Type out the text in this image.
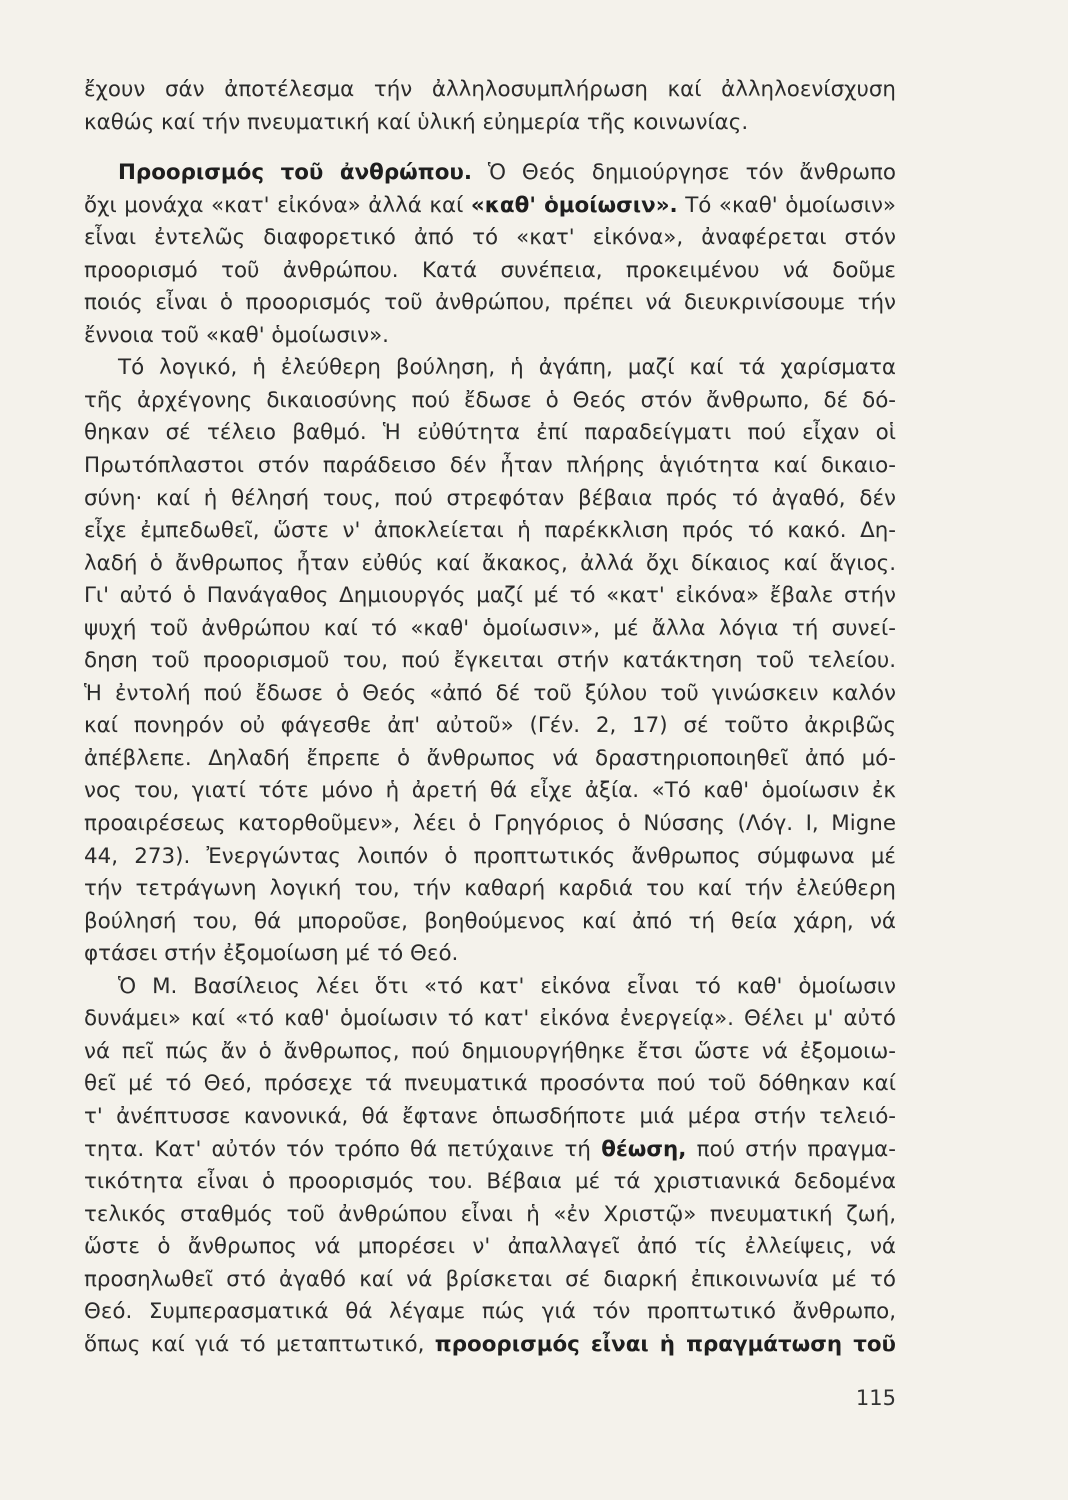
ἔχουν σάν ἀποτέλεσμα τήν ἀλληλοσυμπλήρωση καί ἀλληλοενίσχυση
καθώς καί τήν πνευματική καί ὑλική εὐημερία τῆς κοινωνίας.
Προορισμός τοῦ ἀνθρώπου. Ὁ Θεός δημιούργησε τόν ἄνθρωπο
ὄχι μονάχα «κατ' εἰκόνα» ἀλλά καί «καθ' ὁμοίωσιν». Τό «καθ' ὁμοίωσιν»
εἶναι ἐντελῶς διαφορετικό ἀπό τό «κατ' εἰκόνα», ἀναφέρεται στόν
προορισμό τοῦ ἀνθρώπου. Κατά συνέπεια, προκειμένου νά δοῦμε
ποιός εἶναι ὁ προορισμός τοῦ ἀνθρώπου, πρέπει νά διευκρινίσουμε τήν
ἔννοια τοῦ «καθ' ὁμοίωσιν».
Τό λογικό, ἡ ἐλεύθερη βούληση, ἡ ἀγάπη, μαζί καί τά χαρίσματα
τῆς ἀρχέγονης δικαιοσύνης πού ἔδωσε ὁ Θεός στόν ἄνθρωπο, δέ δό-
θηκαν σέ τέλειο βαθμό. Ἡ εὐθύτητα ἐπί παραδείγματι πού εἶχαν οἱ
Πρωτόπλαστοι στόν παράδεισο δέν ἦταν πλήρης ἁγιότητα καί δικαιο-
σύνη· καί ἡ θέλησή τους, πού στρεφόταν βέβαια πρός τό ἀγαθό, δέν
εἶχε ἐμπεδωθεῖ, ὥστε ν' ἀποκλείεται ἡ παρέκκλιση πρός τό κακό. Δη-
λαδή ὁ ἄνθρωπος ἦταν εὐθύς καί ἄκακος, ἀλλά ὄχι δίκαιος καί ἅγιος.
Γι' αὐτό ὁ Πανάγαθος Δημιουργός μαζί μέ τό «κατ' εἰκόνα» ἔβαλε στήν
ψυχή τοῦ ἀνθρώπου καί τό «καθ' ὁμοίωσιν», μέ ἄλλα λόγια τή συνεί-
δηση τοῦ προορισμοῦ του, πού ἔγκειται στήν κατάκτηση τοῦ τελείου.
Ἡ ἐντολή πού ἔδωσε ὁ Θεός «ἀπό δέ τοῦ ξύλου τοῦ γινώσκειν καλόν
καί πονηρόν οὐ φάγεσθε ἀπ' αὐτοῦ» (Γέν. 2, 17) σέ τοῦτο ἀκριβῶς
ἀπέβλεπε. Δηλαδή ἔπρεπε ὁ ἄνθρωπος νά δραστηριοποιηθεῖ ἀπό μό-
νος του, γιατί τότε μόνο ἡ ἀρετή θά εἶχε ἀξία. «Τό καθ' ὁμοίωσιν ἐκ
προαιρέσεως κατορθοῦμεν», λέει ὁ Γρηγόριος ὁ Νύσσης (Λόγ. Ι, Migne
44, 273). Ἐνεργώντας λοιπόν ὁ προπτωτικός ἄνθρωπος σύμφωνα μέ
τήν τετράγωνη λογική του, τήν καθαρή καρδιά του καί τήν ἐλεύθερη
βούλησή του, θά μποροῦσε, βοηθούμενος καί ἀπό τή θεία χάρη, νά
φτάσει στήν ἐξομοίωση μέ τό Θεό.
Ὁ Μ. Βασίλειος λέει ὅτι «τό κατ' εἰκόνα εἶναι τό καθ' ὁμοίωσιν
δυνάμει» καί «τό καθ' ὁμοίωσιν τό κατ' εἰκόνα ἐνεργείᾳ». Θέλει μ' αὐτό
νά πεῖ πώς ἄν ὁ ἄνθρωπος, πού δημιουργήθηκε ἔτσι ὥστε νά ἐξομοιω-
θεῖ μέ τό Θεό, πρόσεχε τά πνευματικά προσόντα πού τοῦ δόθηκαν καί
τ' ἀνέπτυσσε κανονικά, θά ἔφτανε ὁπωσδήποτε μιά μέρα στήν τελειό-
τητα. Κατ' αὐτόν τόν τρόπο θά πετύχαινε τή θέωση, πού στήν πραγμα-
τικότητα εἶναι ὁ προορισμός του. Βέβαια μέ τά χριστιανικά δεδομένα
τελικός σταθμός τοῦ ἀνθρώπου εἶναι ἡ «ἐν Χριστῷ» πνευματική ζωή,
ὥστε ὁ ἄνθρωπος νά μπορέσει ν' ἀπαλλαγεῖ ἀπό τίς ἐλλείψεις, νά
προσηλωθεῖ στό ἀγαθό καί νά βρίσκεται σέ διαρκή ἐπικοινωνία μέ τό
Θεό. Συμπερασματικά θά λέγαμε πώς γιά τόν προπτωτικό ἄνθρωπο,
ὅπως καί γιά τό μεταπτωτικό, προορισμός εἶναι ἡ πραγμάτωση τοῦ
115
